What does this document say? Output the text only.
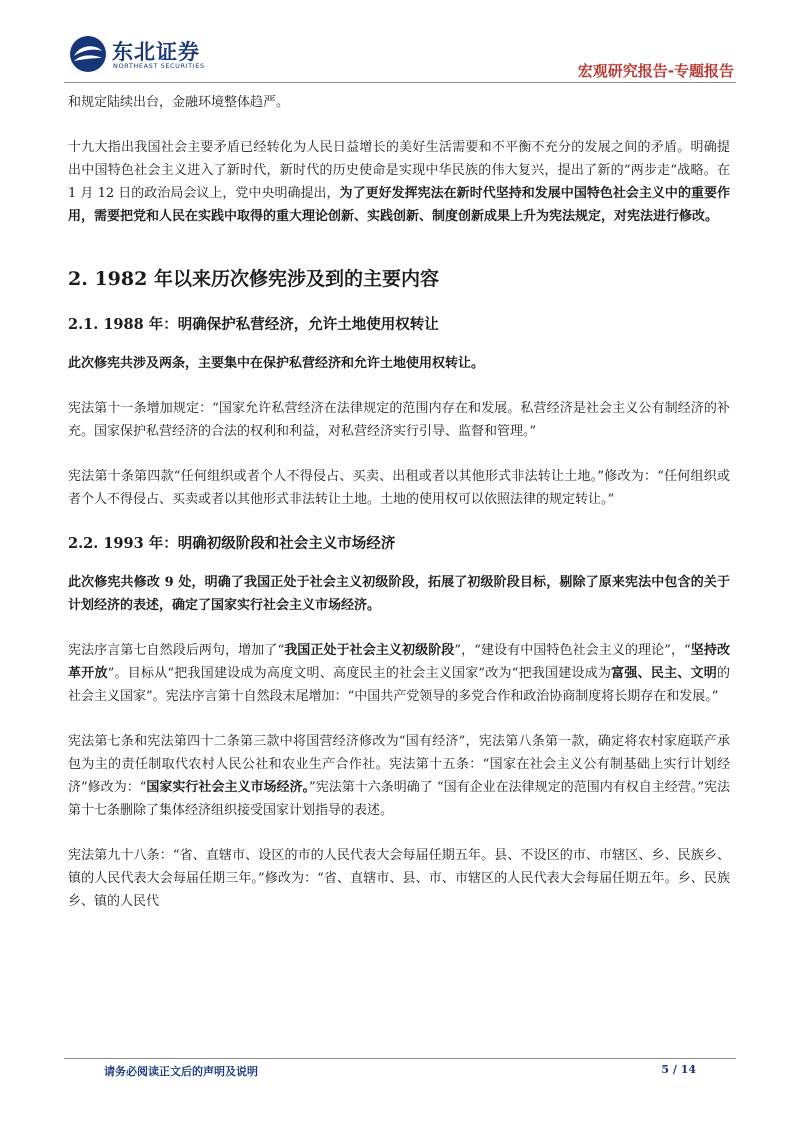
东北证券
NORTHEAST SECURITIES	宏观研究报告-专题报告

和规定陆续出台，金融环境整体趋严。

十九大指出我国社会主要矛盾已经转化为人民日益增长的美好生活需要和不平衡不充分的发展之间的矛盾。明确提出中国特色社会主义进入了新时代，新时代的历史使命是实现中华民族的伟大复兴，提出了新的“两步走“战略。在 1 月 12 日的政治局会议上，党中央明确提出，为了更好发挥宪法在新时代坚持和发展中国特色社会主义中的重要作用，需要把党和人民在实践中取得的重大理论创新、实践创新、制度创新成果上升为宪法规定，对宪法进行修改。

2. 1982 年以来历次修宪涉及到的主要内容
2.1. 1988 年：明确保护私营经济，允许土地使用权转让

此次修宪共涉及两条，主要集中在保护私营经济和允许土地使用权转让。

宪法第十一条增加规定：“国家允许私营经济在法律规定的范围内存在和发展。私营经济是社会主义公有制经济的补充。国家保护私营经济的合法的权利和利益，对私营经济实行引导、监督和管理。”

宪法第十条第四款“任何组织或者个人不得侵占、买卖、出租或者以其他形式非法转让土地。”修改为：“任何组织或者个人不得侵占、买卖或者以其他形式非法转让土地。土地的使用权可以依照法律的规定转让。”

2.2. 1993 年：明确初级阶段和社会主义市场经济

此次修宪共修改 9 处，明确了我国正处于社会主义初级阶段，拓展了初级阶段目标，剔除了原来宪法中包含的关于计划经济的表述，确定了国家实行社会主义市场经济。

宪法序言第七自然段后两句，增加了“我国正处于社会主义初级阶段”，“建设有中国特色社会主义的理论”，“坚持改革开放”。目标从“把我国建设成为高度文明、高度民主的社会主义国家”改为“把我国建设成为富强、民主、文明的社会主义国家”。宪法序言第十自然段末尾增加：“中国共产党领导的多党合作和政治协商制度将长期存在和发展。”

宪法第七条和宪法第四十二条第三款中将国营经济修改为“国有经济”，宪法第八条第一款，确定将农村家庭联产承包为主的责任制取代农村人民公社和农业生产合作社。宪法第十五条：“国家在社会主义公有制基础上实行计划经济”修改为：“国家实行社会主义市场经济。”宪法第十六条明确了 “国有企业在法律规定的范围内有权自主经营。”宪法第十七条删除了集体经济组织接受国家计划指导的表述。

宪法第九十八条：“省、直辖市、设区的市的人民代表大会每届任期五年。县、不设区的市、市辖区、乡、民族乡、镇的人民代表大会每届任期三年。”修改为：“省、直辖市、县、市、市辖区的人民代表大会每届任期五年。乡、民族乡、镇的人民代

请务必阅读正文后的声明及说明	5 / 14
